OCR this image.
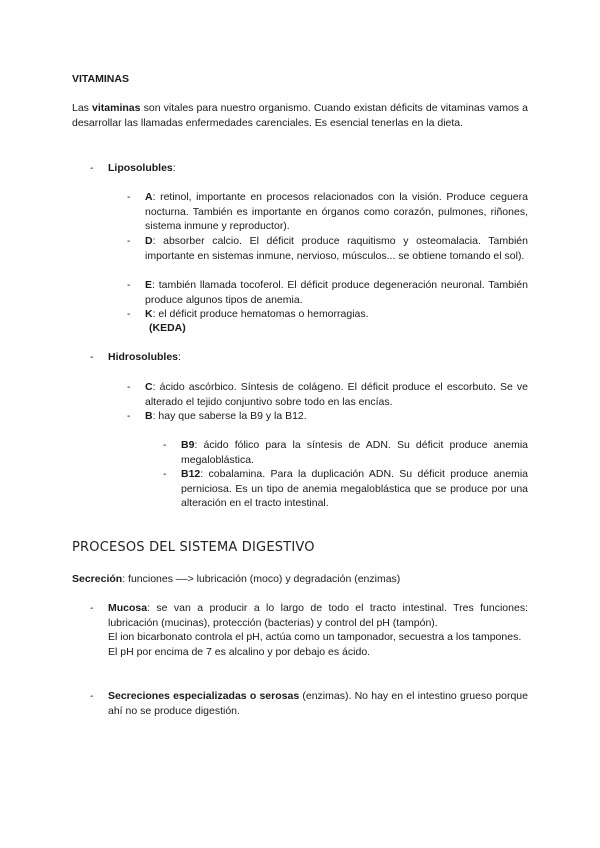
VITAMINAS
Las vitaminas son vitales para nuestro organismo. Cuando existan déficits de vitaminas vamos a desarrollar las llamadas enfermedades carenciales. Es esencial tenerlas en la dieta.
- Liposolubles:
- A: retinol, importante en procesos relacionados con la visión. Produce ceguera nocturna. También es importante en órganos como corazón, pulmones, riñones, sistema inmune y reproductor).
- D: absorber calcio. El déficit produce raquitismo y osteomalacia. También importante en sistemas inmune, nervioso, músculos... se obtiene tomando el sol).
- E: también llamada tocoferol. El déficit produce degeneración neuronal. También produce algunos tipos de anemia.
- K: el déficit produce hematomas o hemorragias.
(KEDA)
- Hidrosolubles:
- C: ácido ascórbico. Síntesis de colágeno. El déficit produce el escorbuto. Se ve alterado el tejido conjuntivo sobre todo en las encías.
- B: hay que saberse la B9 y la B12.
- B9: ácido fólico para la síntesis de ADN. Su déficit produce anemia megaloblástica.
- B12: cobalamina. Para la duplicación ADN. Su déficit produce anemia perniciosa. Es un tipo de anemia megaloblástica que se produce por una alteración en el tracto intestinal.
PROCESOS DEL SISTEMA DIGESTIVO
Secreción: funciones ––> lubricación (moco) y degradación (enzimas)
- Mucosa: se van a producir a lo largo de todo el tracto intestinal. Tres funciones: lubricación (mucinas), protección (bacterias) y control del pH (tampón).
El ion bicarbonato controla el pH, actúa como un tamponador, secuestra a los tampones.
El pH por encima de 7 es alcalino y por debajo es ácido.
- Secreciones especializadas o serosas (enzimas). No hay en el intestino grueso porque ahí no se produce digestión.
